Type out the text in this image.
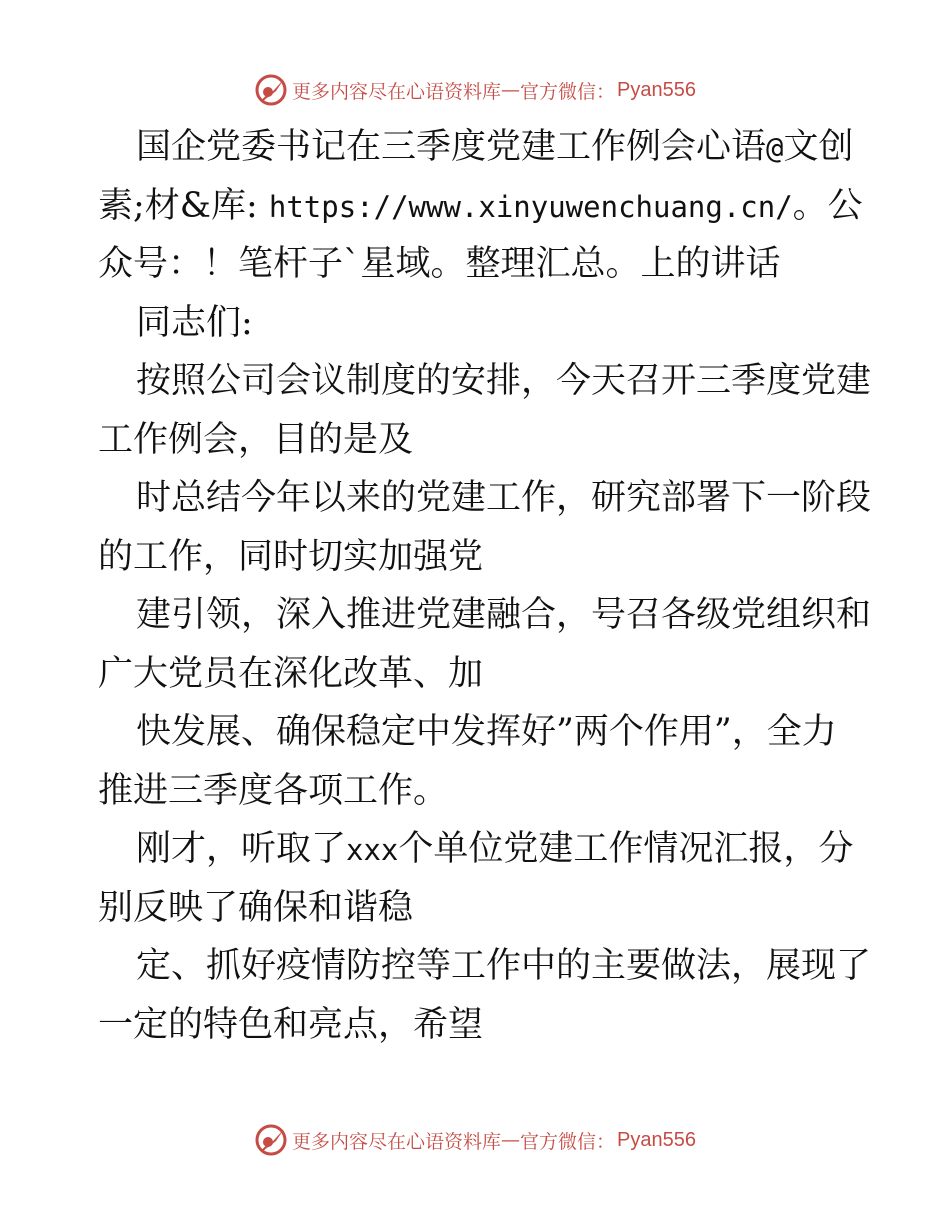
更多内容尽在心语资料库 — 官方微信： Pyan556
国企党委书记在三季度党建工作例会心语@文创
素;材&库: https://www.xinyuwenchuang.cn/。公
众号：！笔杆子`星域。整理汇总。上的讲话
同志们:
按照公司会议制度的安排，今天召开三季度党建
工作例会，目的是及
时总结今年以来的党建工作，研究部署下一阶段
的工作，同时切实加强党
建引领，深入推进党建融合，号召各级党组织和
广大党员在深化改革、加
快发展、确保稳定中发挥好”两个作用”，全力
推进三季度各项工作。
刚才，听取了xxx个单位党建工作情况汇报，分
别反映了确保和谐稳
定、抓好疫情防控等工作中的主要做法，展现了
一定的特色和亮点，希望
更多内容尽在心语资料库 — 官方微信： Pyan556
